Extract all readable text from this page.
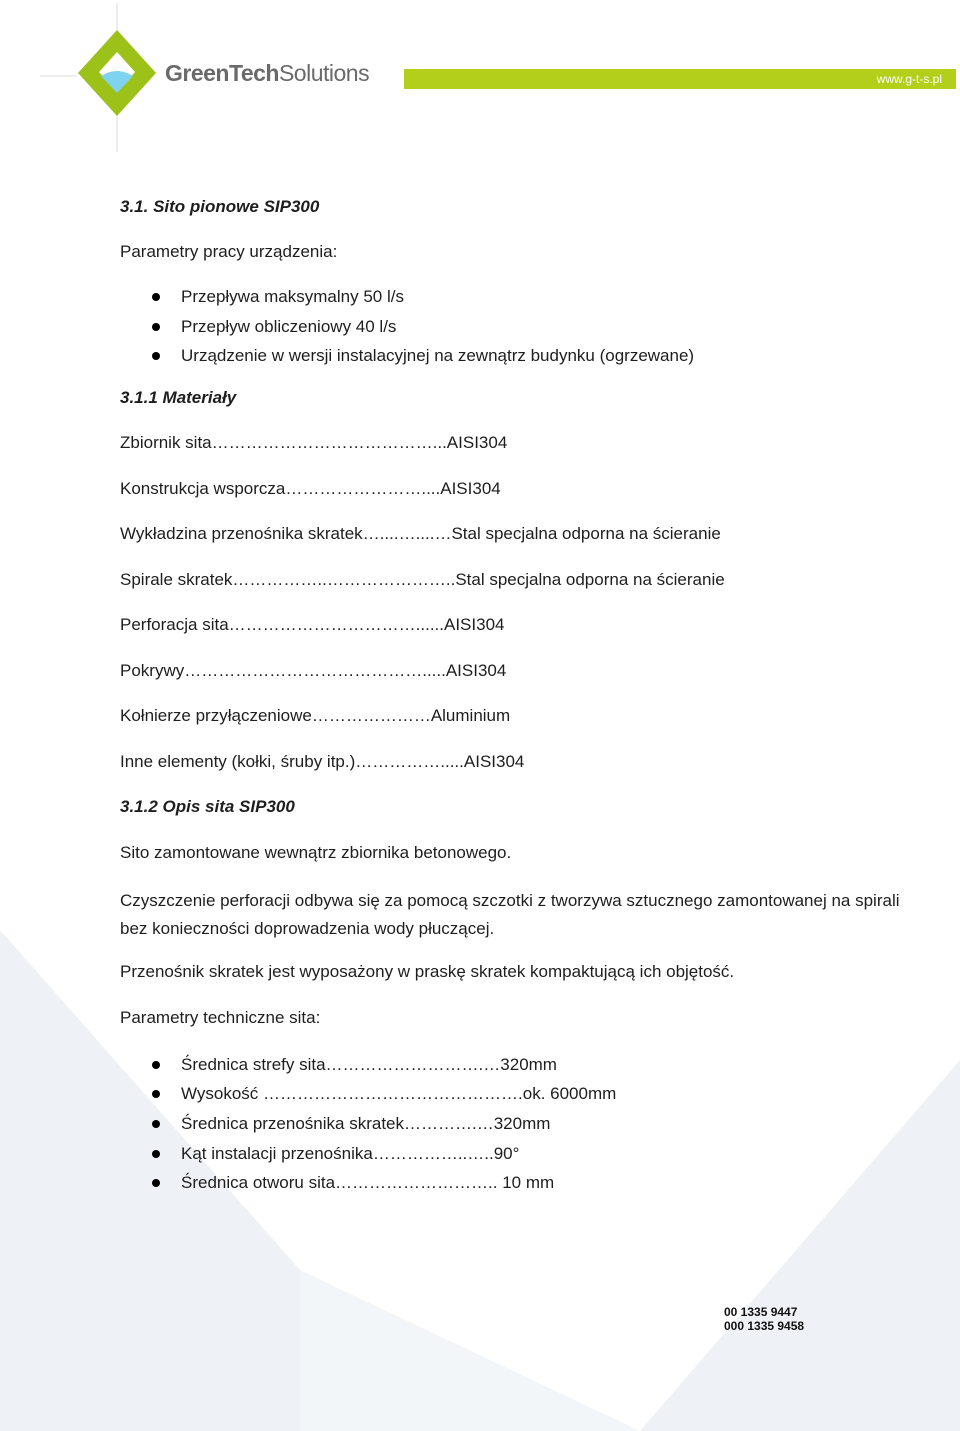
GreenTechSolutions	www.g-t-s.pl

3.1. Sito pionowe SIP300

Parametry pracy urządzenia:

Przepływa maksymalny 50 l/s
Przepływ obliczeniowy 40 l/s
Urządzenie w wersji instalacyjnej na zewnątrz budynku (ogrzewane)

3.1.1 Materiały

Zbiornik sita…………………………………...AISI304

Konstrukcja wsporcza……………………....AISI304

Wykładzina przenośnika skratek…....…....…Stal specjalna odporna na ścieranie

Spirale skratek……………..…………………..Stal specjalna odporna na ścieranie

Perforacja sita……………………………......AISI304

Pokrywy…………………………………….....AISI304

Kołnierze przyłączeniowe…………………Aluminium

Inne elementy (kołki, śruby itp.)…………….....AISI304

3.1.2 Opis sita SIP300

Sito zamontowane wewnątrz zbiornika betonowego.

Czyszczenie perforacji odbywa się za pomocą szczotki z tworzywa sztucznego zamontowanej na spirali bez konieczności doprowadzenia wody płuczącej.

Przenośnik skratek jest wyposażony w praskę skratek kompaktującą ich objętość.

Parametry techniczne sita:

Średnica strefy sita……………………….…320mm
Wysokość ……………………………………….ok. 6000mm
Średnica przenośnika skratek………….…320mm
Kąt instalacji przenośnika……………..…..90°
Średnica otworu sita……………………….. 10 mm
00 1335 9447
000 1335 9458
